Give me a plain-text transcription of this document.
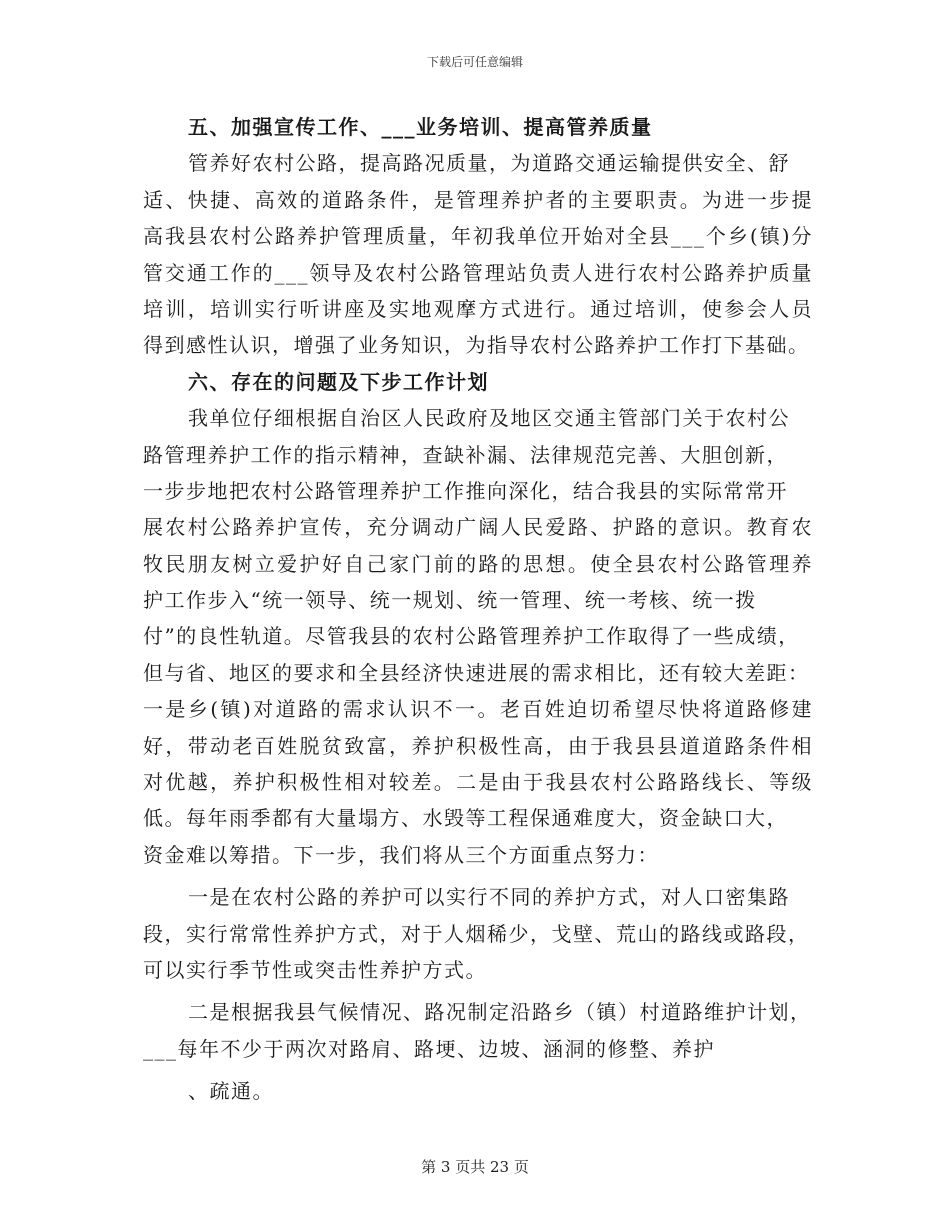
下载后可任意编辑
五、加强宣传工作、___业务培训、提高管养质量
管养好农村公路，提高路况质量，为道路交通运输提供安全、舒
适、快捷、高效的道路条件，是管理养护者的主要职责。为进一步提
高我县农村公路养护管理质量，年初我单位开始对全县___个乡(镇)分
管交通工作的___领导及农村公路管理站负责人进行农村公路养护质量
培训，培训实行听讲座及实地观摩方式进行。通过培训，使参会人员
得到感性认识，增强了业务知识，为指导农村公路养护工作打下基础。
六、存在的问题及下步工作计划
我单位仔细根据自治区人民政府及地区交通主管部门关于农村公
路管理养护工作的指示精神，查缺补漏、法律规范完善、大胆创新，
一步步地把农村公路管理养护工作推向深化，结合我县的实际常常开
展农村公路养护宣传，充分调动广阔人民爱路、护路的意识。教育农
牧民朋友树立爱护好自己家门前的路的思想。使全县农村公路管理养
护工作步入“统一领导、统一规划、统一管理、统一考核、统一拨
付”的良性轨道。尽管我县的农村公路管理养护工作取得了一些成绩，
但与省、地区的要求和全县经济快速进展的需求相比，还有较大差距：
一是乡(镇)对道路的需求认识不一。老百姓迫切希望尽快将道路修建
好，带动老百姓脱贫致富，养护积极性高，由于我县县道道路条件相
对优越，养护积极性相对较差。二是由于我县农村公路路线长、等级
低。每年雨季都有大量塌方、水毁等工程保通难度大，资金缺口大，
资金难以筹措。下一步，我们将从三个方面重点努力：
一是在农村公路的养护可以实行不同的养护方式，对人口密集路
段，实行常常性养护方式，对于人烟稀少，戈壁、荒山的路线或路段，
可以实行季节性或突击性养护方式。
二是根据我县气候情况、路况制定沿路乡（镇）村道路维护计划，
___每年不少于两次对路肩、路埂、边坡、涵洞的修整、养护
、疏通。
第 3 页共 23 页
